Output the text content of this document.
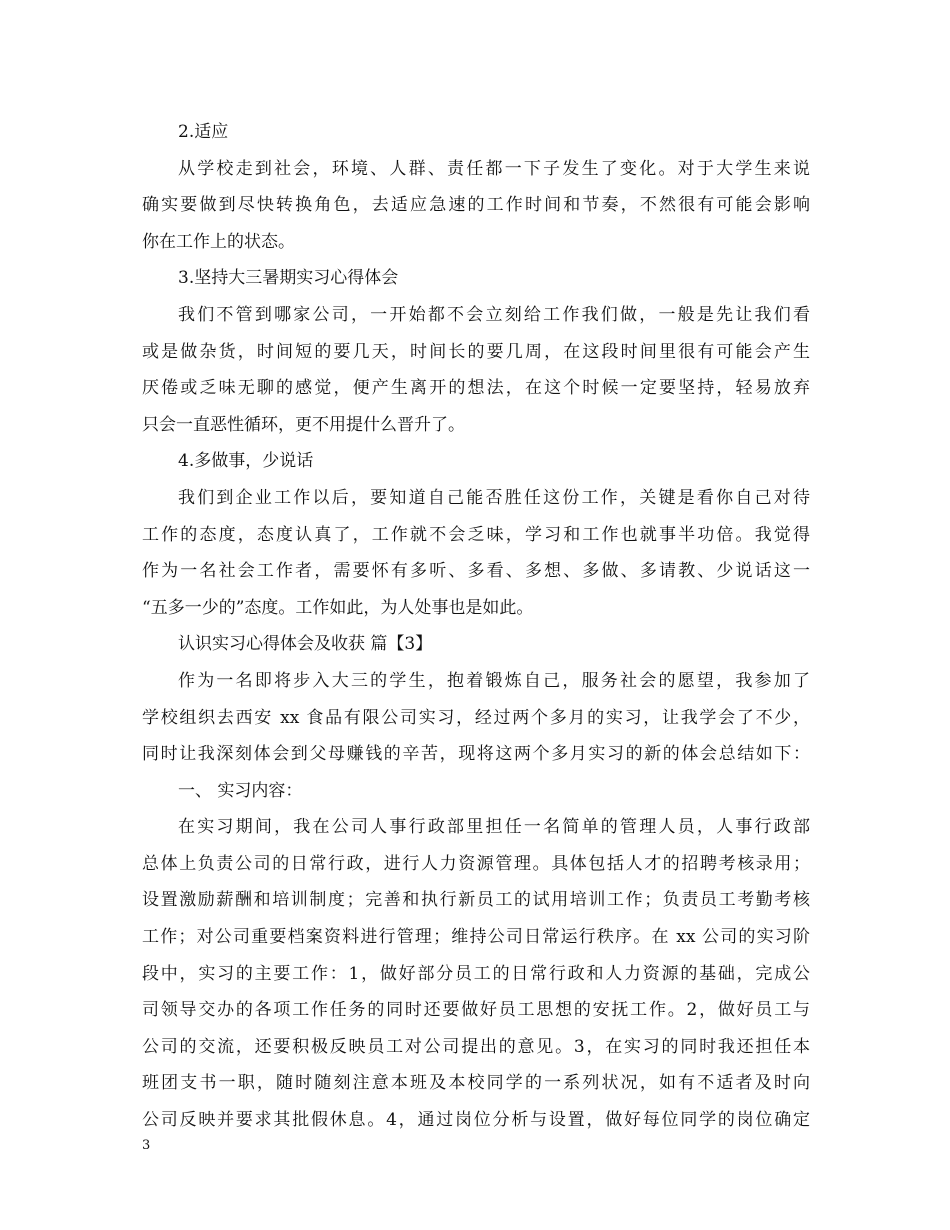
2.适应
从学校走到社会，环境、人群、责任都一下子发生了变化。对于大学生来说
确实要做到尽快转换角色，去适应急速的工作时间和节奏，不然很有可能会影响
你在工作上的状态。
3.坚持大三暑期实习心得体会
我们不管到哪家公司，一开始都不会立刻给工作我们做，一般是先让我们看
或是做杂货，时间短的要几天，时间长的要几周，在这段时间里很有可能会产生
厌倦或乏味无聊的感觉，便产生离开的想法，在这个时候一定要坚持，轻易放弃
只会一直恶性循环，更不用提什么晋升了。
4.多做事，少说话
我们到企业工作以后，要知道自己能否胜任这份工作，关键是看你自己对待
工作的态度，态度认真了，工作就不会乏味，学习和工作也就事半功倍。我觉得
作为一名社会工作者，需要怀有多听、多看、多想、多做、多请教、少说话这一
“五多一少的”态度。工作如此，为人处事也是如此。
认识实习心得体会及收获 篇【3】
作为一名即将步入大三的学生，抱着锻炼自己，服务社会的愿望，我参加了
学校组织去西安 xx 食品有限公司实习，经过两个多月的实习，让我学会了不少，
同时让我深刻体会到父母赚钱的辛苦，现将这两个多月实习的新的体会总结如下：
一、 实习内容：
在实习期间，我在公司人事行政部里担任一名简单的管理人员，人事行政部
总体上负责公司的日常行政，进行人力资源管理。具体包括人才的招聘考核录用；
设置激励薪酬和培训制度；完善和执行新员工的试用培训工作；负责员工考勤考核
工作；对公司重要档案资料进行管理；维持公司日常运行秩序。在 xx 公司的实习阶
段中，实习的主要工作：1，做好部分员工的日常行政和人力资源的基础，完成公
司领导交办的各项工作任务的同时还要做好员工思想的安抚工作。2，做好员工与
公司的交流，还要积极反映员工对公司提出的意见。3，在实习的同时我还担任本
班团支书一职，随时随刻注意本班及本校同学的一系列状况，如有不适者及时向
公司反映并要求其批假休息。4，通过岗位分析与设置，做好每位同学的岗位确定
3
